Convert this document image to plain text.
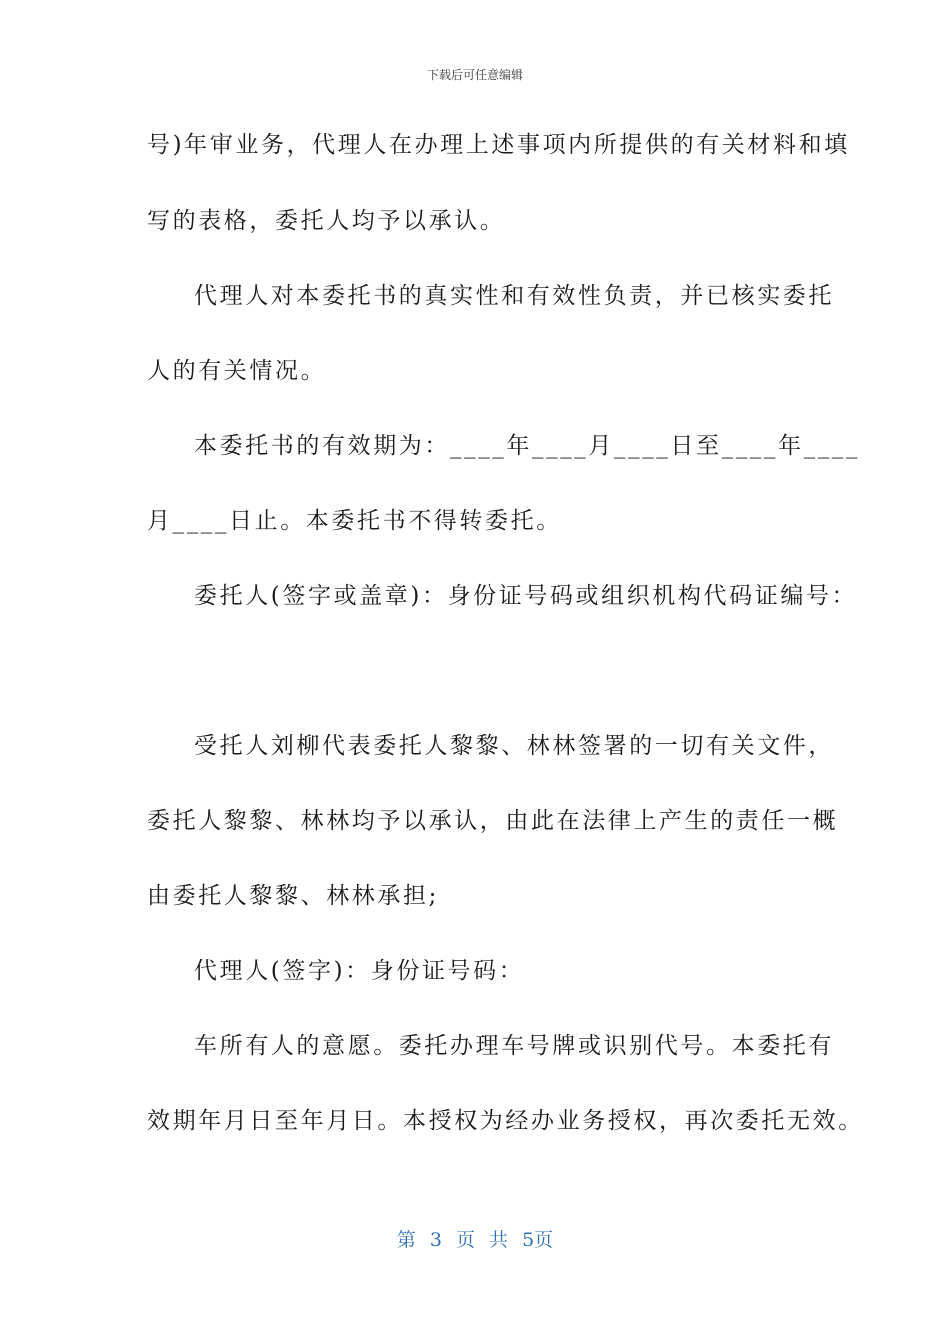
下载后可任意编辑
号)年审业务，代理人在办理上述事项内所提供的有关材料和填
写的表格，委托人均予以承认。
代理人对本委托书的真实性和有效性负责，并已核实委托
人的有关情况。
本委托书的有效期为：____年____月____日至____年____
月____日止。本委托书不得转委托。
委托人(签字或盖章)：身份证号码或组织机构代码证编号：
受托人刘柳代表委托人黎黎、林林签署的一切有关文件，
委托人黎黎、林林均予以承认，由此在法律上产生的责任一概
由委托人黎黎、林林承担;
代理人(签字)：身份证号码：
车所有人的意愿。委托办理车号牌或识别代号。本委托有
效期年月日至年月日。本授权为经办业务授权，再次委托无效。
第 3 页 共 5页
